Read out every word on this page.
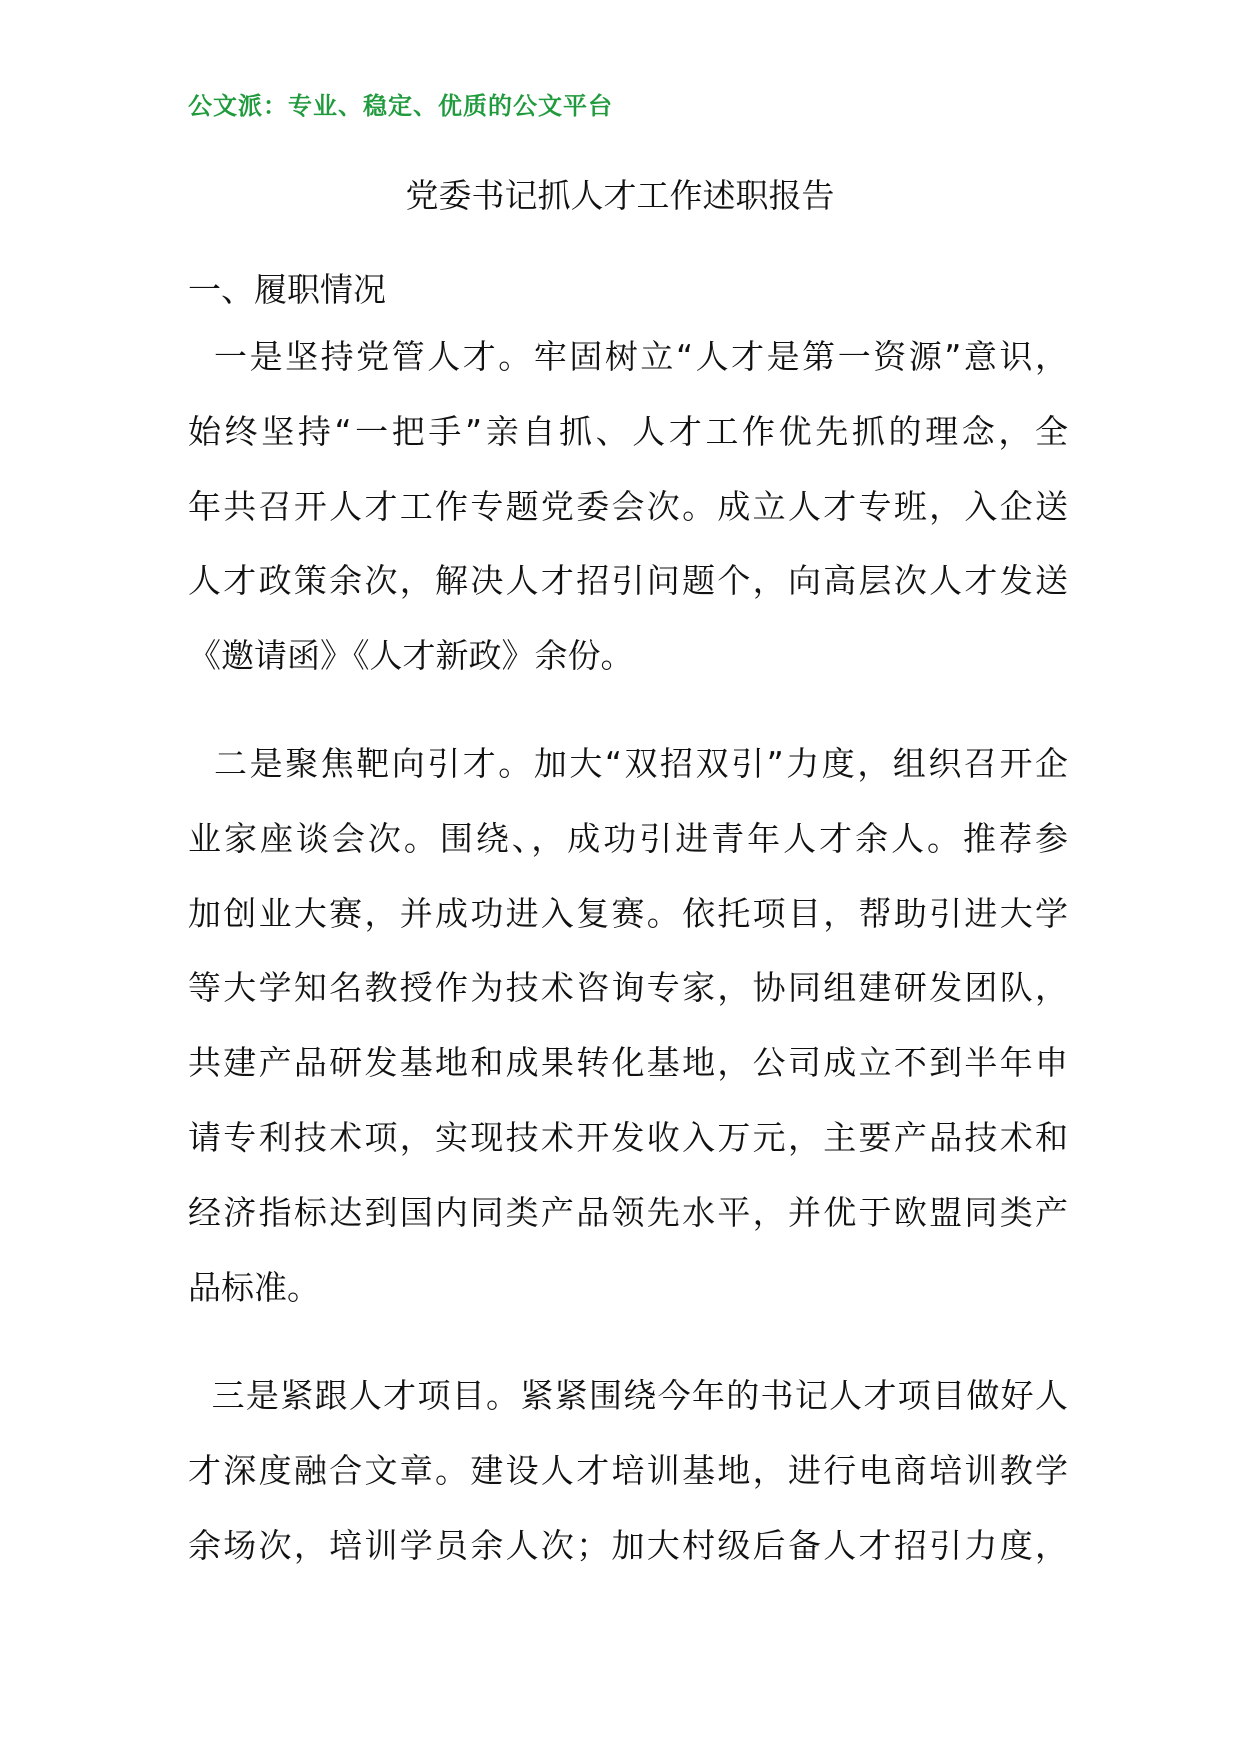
公文派：专业、稳定、优质的公文平台
党委书记抓人才工作述职报告
一、履职情况

一是坚持党管人才。牢固树立“人才是第一资源”意识，
始终坚持“一把手”亲自抓、人才工作优先抓的理念，全
年共召开人才工作专题党委会次。成立人才专班，入企送
人才政策余次，解决人才招引问题个，向高层次人才发送
《邀请函》《人才新政》余份。

二是聚焦靶向引才。加大“双招双引”力度，组织召开企
业家座谈会次。围绕、，成功引进青年人才余人。推荐参
加创业大赛，并成功进入复赛。依托项目，帮助引进大学
等大学知名教授作为技术咨询专家，协同组建研发团队，
共建产品研发基地和成果转化基地，公司成立不到半年申
请专利技术项，实现技术开发收入万元，主要产品技术和
经济指标达到国内同类产品领先水平，并优于欧盟同类产
品标准。

三是紧跟人才项目。紧紧围绕今年的书记人才项目做好人
才深度融合文章。建设人才培训基地，进行电商培训教学
余场次，培训学员余人次；加大村级后备人才招引力度，
